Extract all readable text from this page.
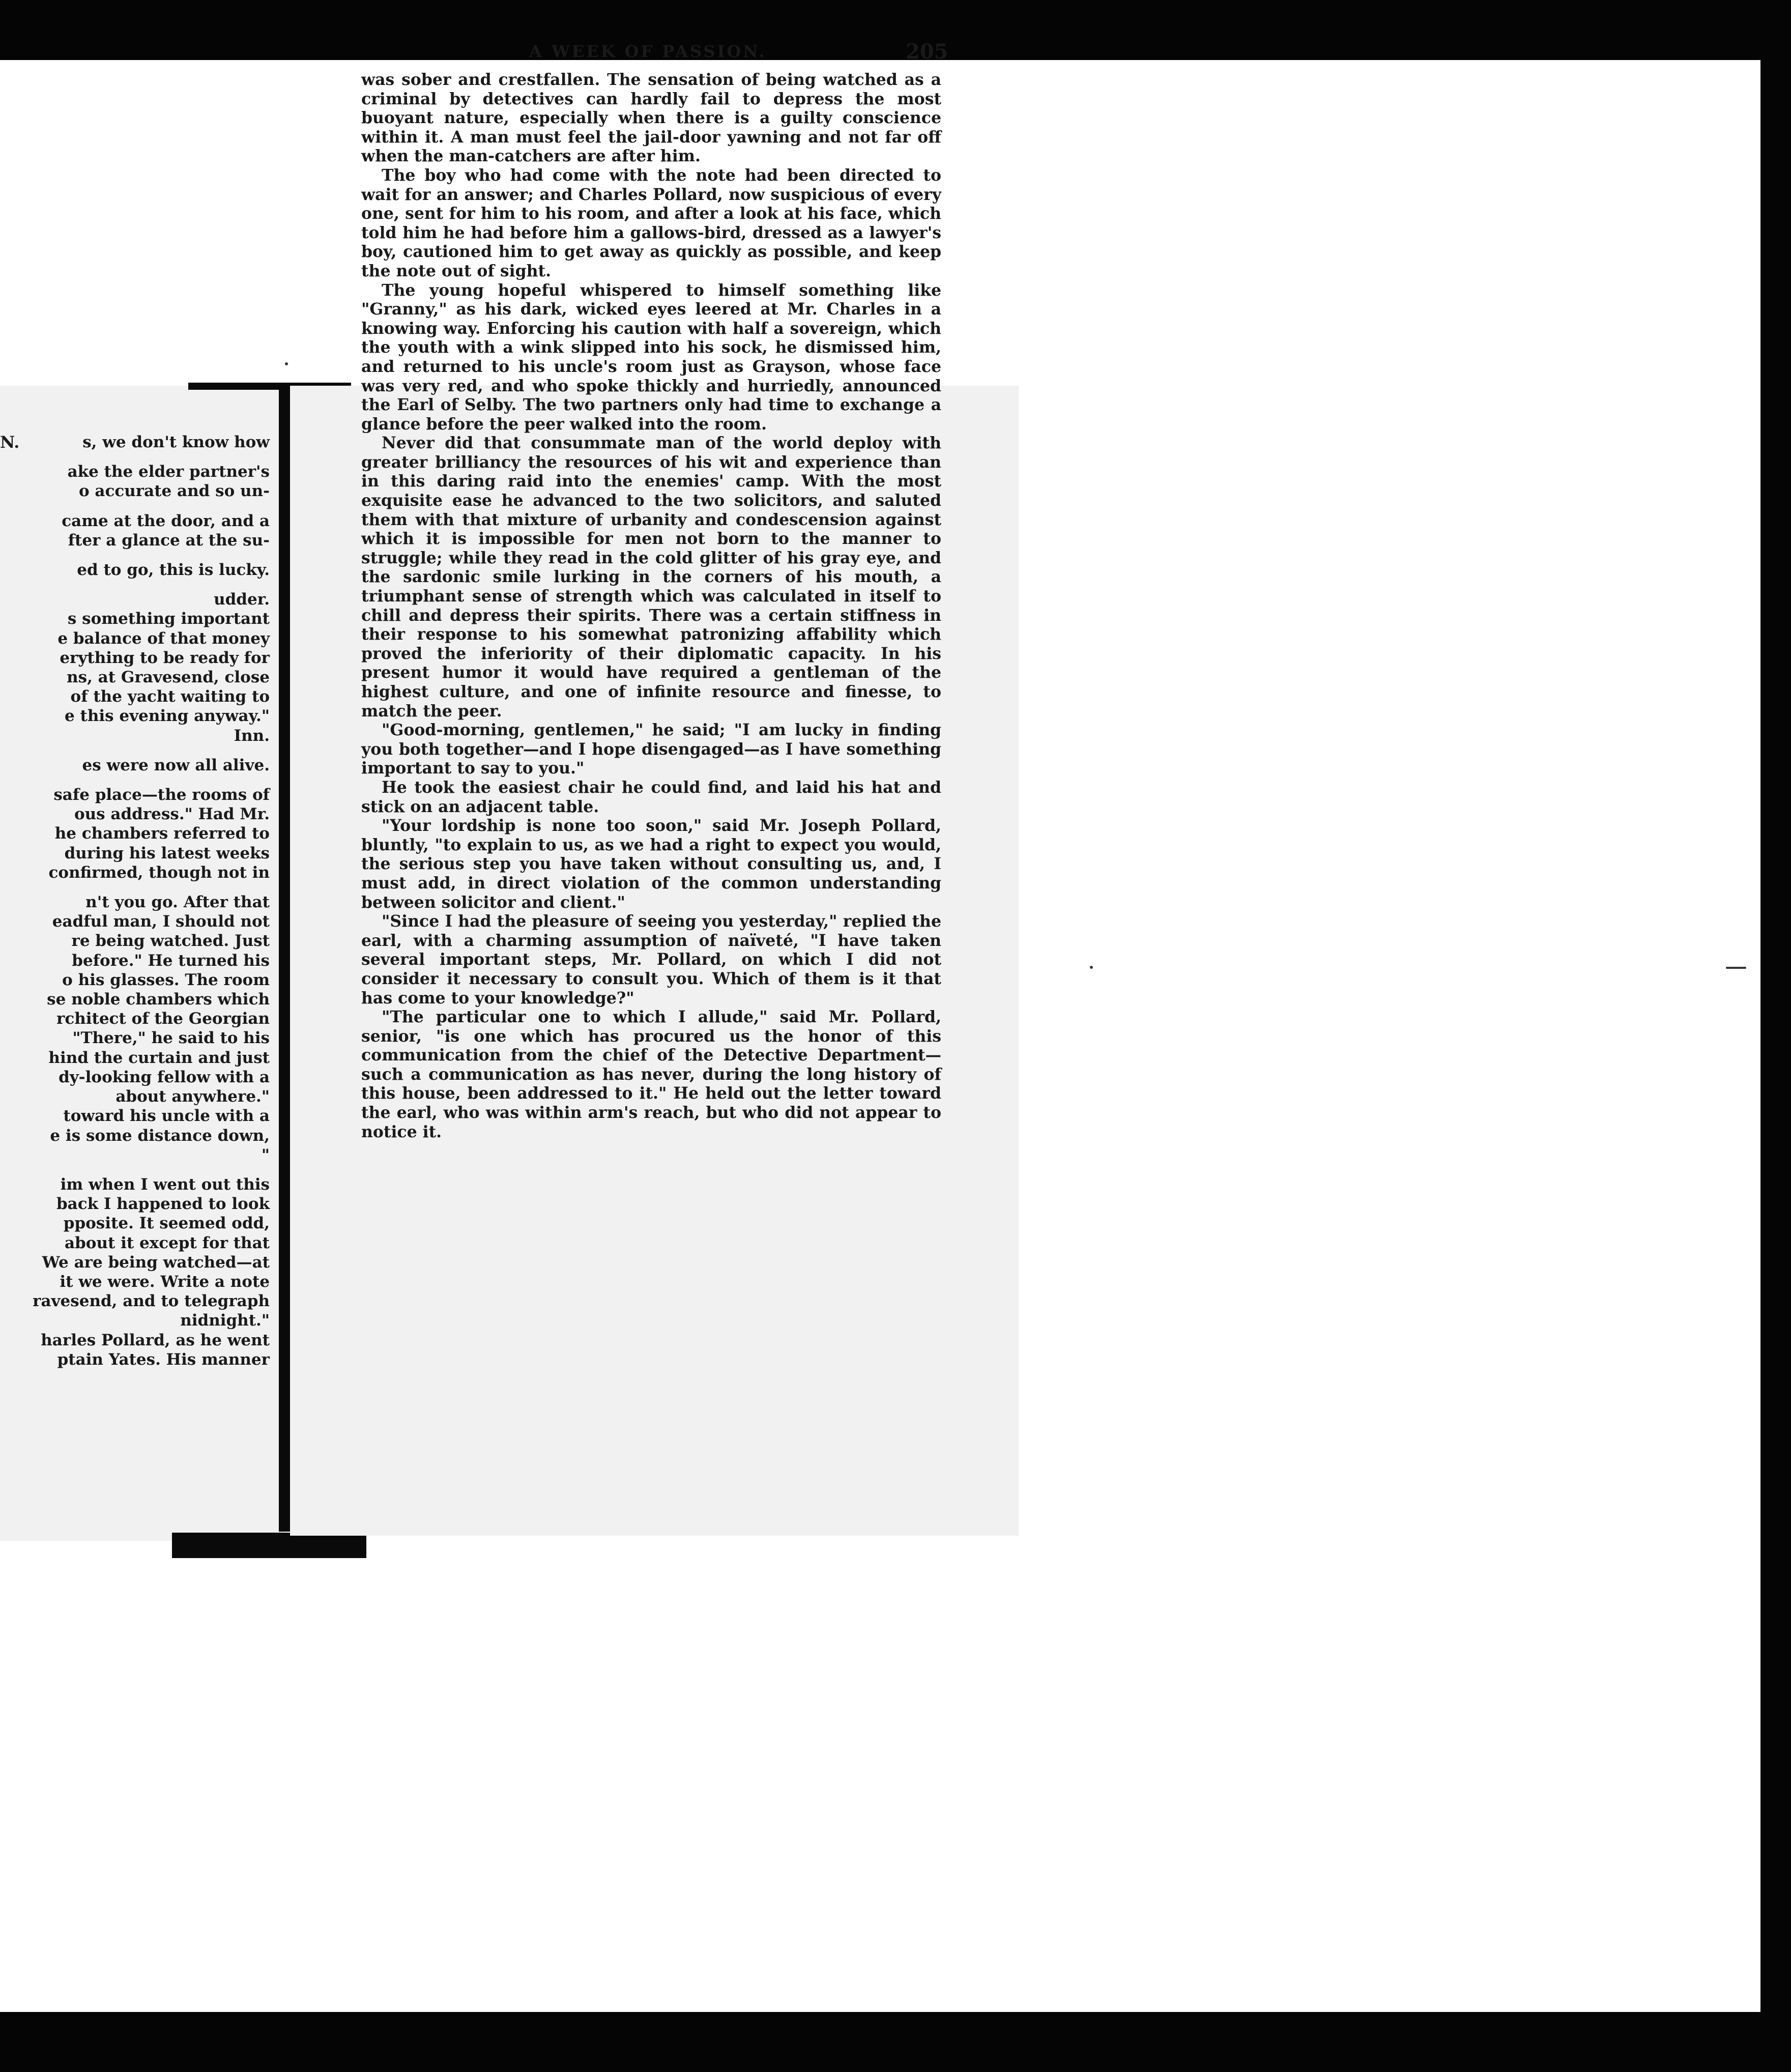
N.	s, we don't know how
ake the elder partner's
o accurate and so un-
came at the door, and a
fter a glance at the su-
ed to go, this is lucky.
udder.
s something important
e balance of that money
erything to be ready for
ns, at Gravesend, close
of the yacht waiting to
e this evening anyway."
Inn.
es were now all alive.
safe place—the rooms of
ous address." Had Mr.
he chambers referred to
during his latest weeks
confirmed, though not in
n't you go. After that
eadful man, I should not
re being watched. Just
before." He turned his
o his glasses. The room
se noble chambers which
rchitect of the Georgian
"There," he said to his
hind the curtain and just
dy-looking fellow with a
about anywhere."
toward his uncle with a
e is some distance down,
"
im when I went out this
back I happened to look
pposite. It seemed odd,
about it except for that
We are being watched—at
it we were. Write a note
ravesend, and to telegraph
nidnight."
harles Pollard, as he went
ptain Yates. His manner
A WEEK OF PASSION.	205

was sober and crestfallen. The sensation of being watched as a criminal by detectives can hardly fail to depress the most buoyant nature, especially when there is a guilty conscience within it. A man must feel the jail-door yawning and not far off when the man-catchers are after him.

The boy who had come with the note had been directed to wait for an answer; and Charles Pollard, now suspicious of every one, sent for him to his room, and after a look at his face, which told him he had before him a gallows-bird, dressed as a lawyer's boy, cautioned him to get away as quickly as possible, and keep the note out of sight.

The young hopeful whispered to himself something like "Granny," as his dark, wicked eyes leered at Mr. Charles in a knowing way. Enforcing his caution with half a sovereign, which the youth with a wink slipped into his sock, he dismissed him, and returned to his uncle's room just as Grayson, whose face was very red, and who spoke thickly and hurriedly, announced the Earl of Selby. The two partners only had time to exchange a glance before the peer walked into the room.

Never did that consummate man of the world deploy with greater brilliancy the resources of his wit and experience than in this daring raid into the enemies' camp. With the most exquisite ease he advanced to the two solicitors, and saluted them with that mixture of urbanity and condescension against which it is impossible for men not born to the manner to struggle; while they read in the cold glitter of his gray eye, and the sardonic smile lurking in the corners of his mouth, a triumphant sense of strength which was calculated in itself to chill and depress their spirits. There was a certain stiffness in their response to his somewhat patronizing affability which proved the inferiority of their diplomatic capacity. In his present humor it would have required a gentleman of the highest culture, and one of infinite resource and finesse, to match the peer.

"Good-morning, gentlemen," he said; "I am lucky in finding you both together—and I hope disengaged—as I have something important to say to you."

He took the easiest chair he could find, and laid his hat and stick on an adjacent table.

"Your lordship is none too soon," said Mr. Joseph Pollard, bluntly, "to explain to us, as we had a right to expect you would, the serious step you have taken without consulting us, and, I must add, in direct violation of the common understanding between solicitor and client."

"Since I had the pleasure of seeing you yesterday," replied the earl, with a charming assumption of naïveté, "I have taken several important steps, Mr. Pollard, on which I did not consider it necessary to consult you. Which of them is it that has come to your knowledge?"

"The particular one to which I allude," said Mr. Pollard, senior, "is one which has procured us the honor of this communication from the chief of the Detective Department—such a communication as has never, during the long history of this house, been addressed to it." He held out the letter toward the earl, who was within arm's reach, but who did not appear to notice it.
